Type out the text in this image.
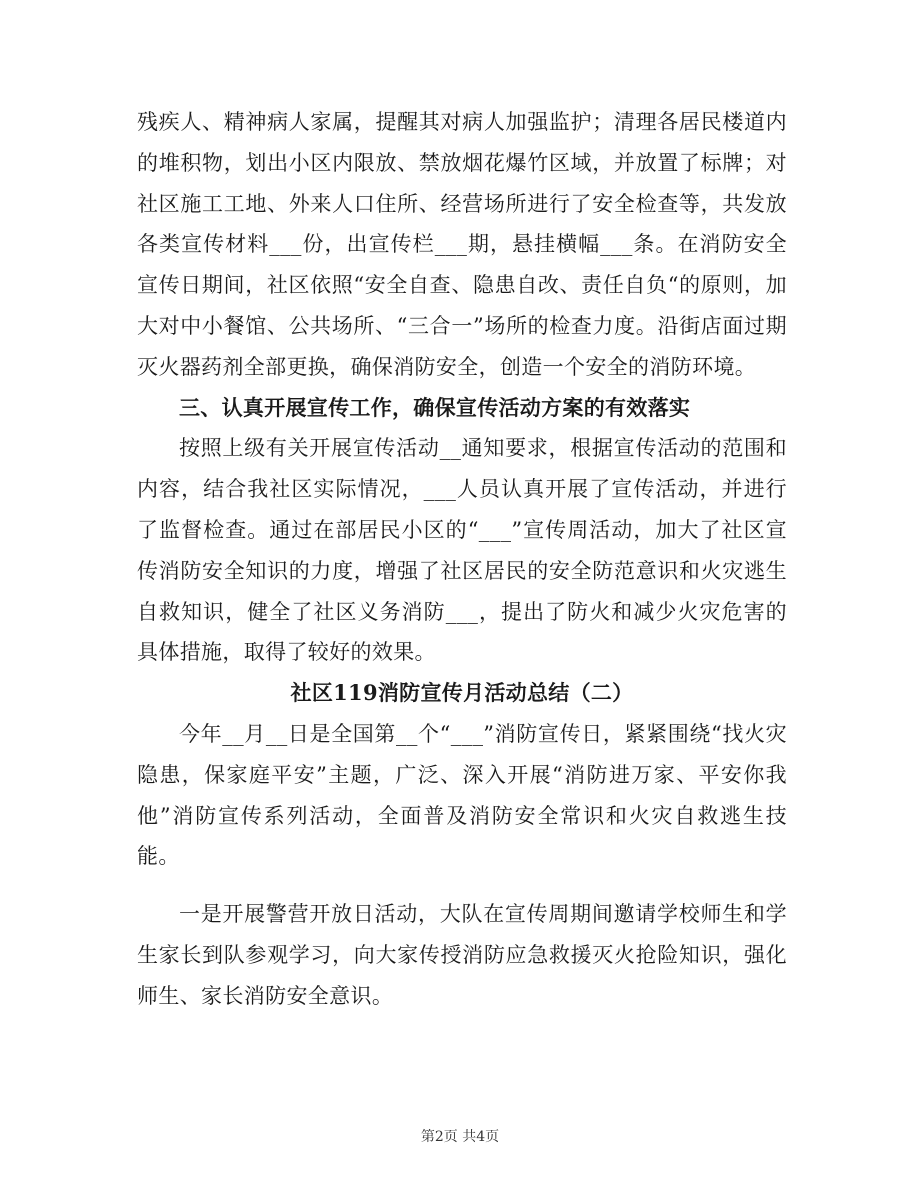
残疾人、精神病人家属，提醒其对病人加强监护；清理各居民楼道内的堆积物，划出小区内限放、禁放烟花爆竹区域，并放置了标牌；对社区施工工地、外来人口住所、经营场所进行了安全检查等，共发放各类宣传材料___份，出宣传栏___期，悬挂横幅___条。在消防安全宣传日期间，社区依照“安全自查、隐患自改、责任自负“的原则，加大对中小餐馆、公共场所、“三合一”场所的检查力度。沿街店面过期灭火器药剂全部更换，确保消防安全，创造一个安全的消防环境。

三、认真开展宣传工作，确保宣传活动方案的有效落实

按照上级有关开展宣传活动__通知要求，根据宣传活动的范围和内容，结合我社区实际情况，___人员认真开展了宣传活动，并进行了监督检查。通过在部居民小区的“___”宣传周活动，加大了社区宣传消防安全知识的力度，增强了社区居民的安全防范意识和火灾逃生自救知识，健全了社区义务消防___，提出了防火和减少火灾危害的具体措施，取得了较好的效果。

社区119消防宣传月活动总结（二）

今年__月__日是全国第__个“___”消防宣传日，紧紧围绕“找火灾隐患，保家庭平安”主题，广泛、深入开展“消防进万家、平安你我他”消防宣传系列活动，全面普及消防安全常识和火灾自救逃生技能。

一是开展警营开放日活动，大队在宣传周期间邀请学校师生和学生家长到队参观学习，向大家传授消防应急救援灭火抢险知识，强化师生、家长消防安全意识。

第2页 共4页
